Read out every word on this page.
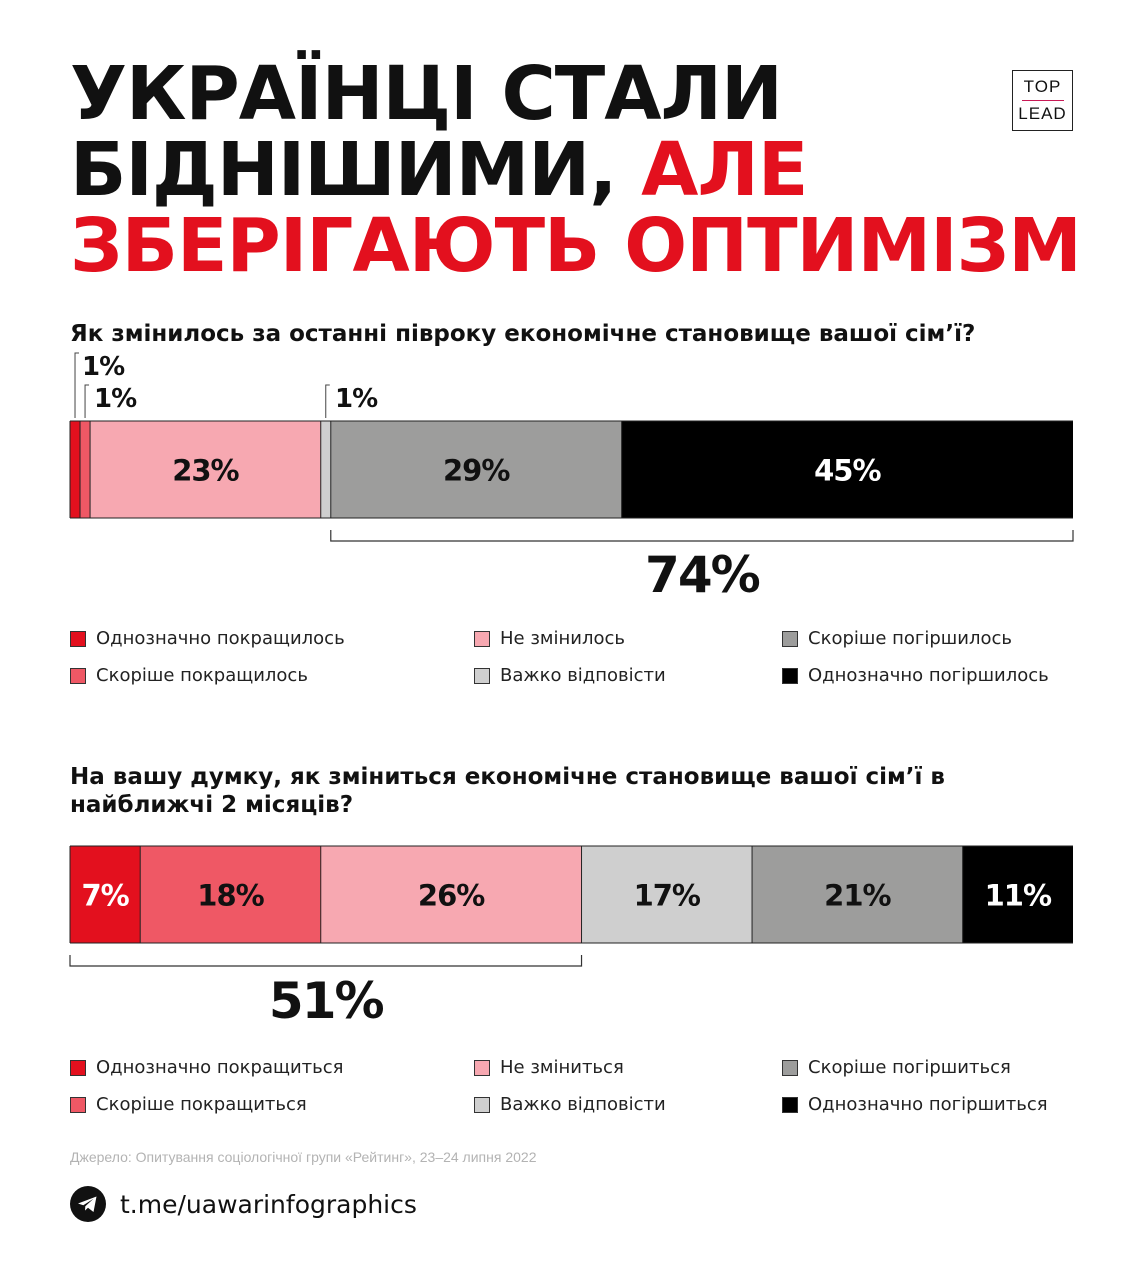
УКРАЇНЦІ СТАЛИ
БІДНІШИМИ, АЛЕ
ЗБЕРІГАЮТЬ ОПТИМІЗМ
TOP
LEAD
Як змінилось за останні півроку економічне становище вашої сім’ї?
На вашу думку, як зміниться економічне становище вашої сім’ї в найближчі 2 місяців?
23%	29%	45%
1%
1%	1%
74%
7% 18%	26%	17%	21%	11%
51%
Однозначно покращилось	Не змінилось	Скоріше погіршилось
Скоріше покращилось	Важко відповісти	Однозначно погіршилось
Однозначно покращиться	Не зміниться	Скоріше погіршиться
Скоріше покращиться	Важко відповісти	Однозначно погіршиться
Джерело: Опитування соціологічної групи «Рейтинг», 23–24 липня 2022
t.me/uawarinfographics
